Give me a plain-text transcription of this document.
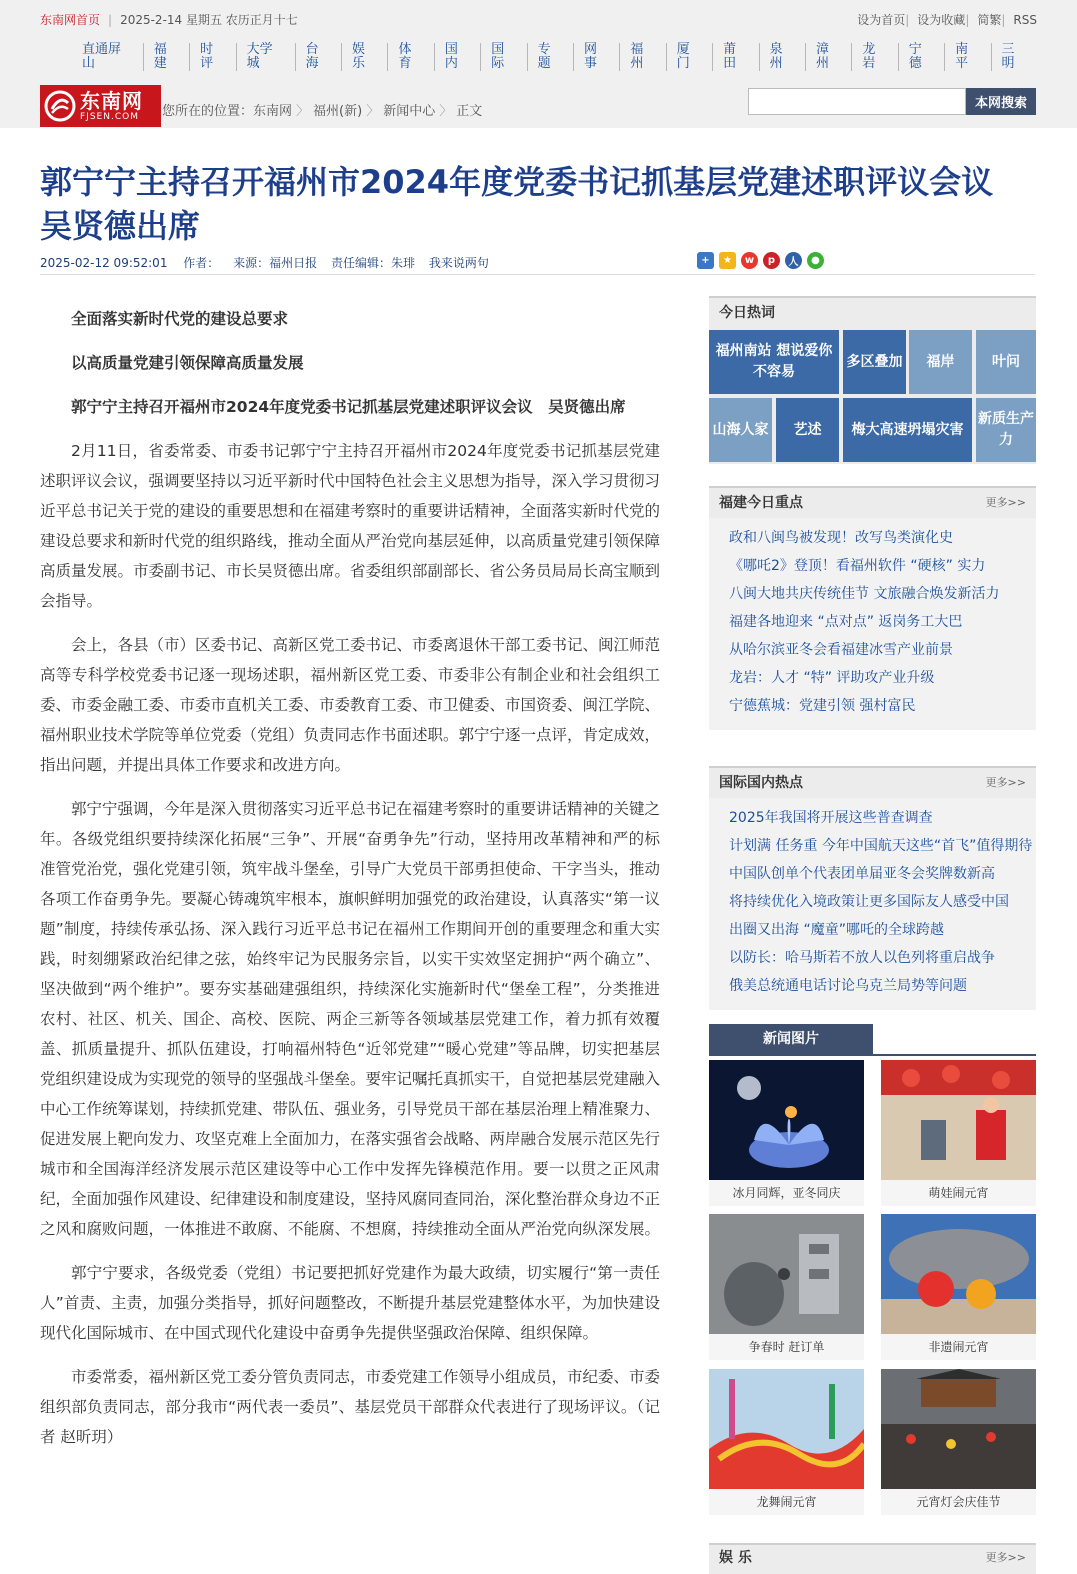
东南网首页 | 2025-2-14 星期五 农历正月十七	设为首页| 设为收藏| 简繁| RSS
直通屏山
福建
时评
大学城
台海
娱乐
体育
国内
国际
专题
网事
福州
厦门
莆田
泉州
漳州
龙岩
宁德
南平
三明
东南网
FJSEN.COM	您所在的位置：东南网 〉 福州(新) 〉 新闻中心 〉 正文
本网搜索
郭宁宁主持召开福州市2024年度党委书记抓基层党建述职评议会议 吴贤德出席
2025-02-12 09:52:01 作者： 来源：福州日报 责任编辑：朱琲 我来说两句	+	★	w	p	人	●

全面落实新时代党的建设总要求

以高质量党建引领保障高质量发展

郭宁宁主持召开福州市2024年度党委书记抓基层党建述职评议会议　吴贤德出席

2月11日，省委常委、市委书记郭宁宁主持召开福州市2024年度党委书记抓基层党建述职评议会议，强调要坚持以习近平新时代中国特色社会主义思想为指导，深入学习贯彻习近平总书记关于党的建设的重要思想和在福建考察时的重要讲话精神，全面落实新时代党的建设总要求和新时代党的组织路线，推动全面从严治党向基层延伸，以高质量党建引领保障高质量发展。市委副书记、市长吴贤德出席。省委组织部副部长、省公务员局局长高宝顺到会指导。

会上，各县（市）区委书记、高新区党工委书记、市委离退休干部工委书记、闽江师范高等专科学校党委书记逐一现场述职，福州新区党工委、市委非公有制企业和社会组织工委、市委金融工委、市委市直机关工委、市委教育工委、市卫健委、市国资委、闽江学院、福州职业技术学院等单位党委（党组）负责同志作书面述职。郭宁宁逐一点评，肯定成效，指出问题，并提出具体工作要求和改进方向。

郭宁宁强调，今年是深入贯彻落实习近平总书记在福建考察时的重要讲话精神的关键之年。各级党组织要持续深化拓展“三争”、开展“奋勇争先”行动，坚持用改革精神和严的标准管党治党，强化党建引领，筑牢战斗堡垒，引导广大党员干部勇担使命、干字当头，推动各项工作奋勇争先。要凝心铸魂筑牢根本，旗帜鲜明加强党的政治建设，认真落实“第一议题”制度，持续传承弘扬、深入践行习近平总书记在福州工作期间开创的重要理念和重大实践，时刻绷紧政治纪律之弦，始终牢记为民服务宗旨，以实干实效坚定拥护“两个确立”、坚决做到“两个维护”。要夯实基础建强组织，持续深化实施新时代“堡垒工程”，分类推进农村、社区、机关、国企、高校、医院、两企三新等各领域基层党建工作，着力抓有效覆盖、抓质量提升、抓队伍建设，打响福州特色“近邻党建”“暖心党建”等品牌，切实把基层党组织建设成为实现党的领导的坚强战斗堡垒。要牢记嘱托真抓实干，自觉把基层党建融入中心工作统筹谋划，持续抓党建、带队伍、强业务，引导党员干部在基层治理上精准聚力、促进发展上靶向发力、攻坚克难上全面加力，在落实强省会战略、两岸融合发展示范区先行城市和全国海洋经济发展示范区建设等中心工作中发挥先锋模范作用。要一以贯之正风肃纪，全面加强作风建设、纪律建设和制度建设，坚持风腐同查同治，深化整治群众身边不正之风和腐败问题，一体推进不敢腐、不能腐、不想腐，持续推动全面从严治党向纵深发展。

郭宁宁要求，各级党委（党组）书记要把抓好党建作为最大政绩，切实履行“第一责任人”首责、主责，加强分类指导，抓好问题整改，不断提升基层党建整体水平，为加快建设现代化国际城市、在中国式现代化建设中奋勇争先提供坚强政治保障、组织保障。

市委常委，福州新区党工委分管负责同志，市委党建工作领导小组成员，市纪委、市委组织部负责同志，部分我市“两代表一委员”、基层党员干部群众代表进行了现场评议。（记者 赵昕玥）

今日热词
福州南站 想说爱你不容易
多区叠加	福岸	叶问
山海人家	艺述	梅大高速坍塌灾害
新质生产力
福建今日重点	更多>>
政和八闽鸟被发现！改写鸟类演化史
《哪吒2》登顶！看福州软件 “硬核” 实力
八闽大地共庆传统佳节 文旅融合焕发新活力
福建各地迎来 “点对点” 返岗务工大巴
从哈尔滨亚冬会看福建冰雪产业前景
龙岩：人才 “特” 评助攻产业升级
宁德蕉城：党建引领 强村富民
国际国内热点	更多>>
2025年我国将开展这些普查调查
计划满 任务重 今年中国航天这些“首飞”值得期待
中国队创单个代表团单届亚冬会奖牌数新高
将持续优化入境政策让更多国际友人感受中国
出圈又出海 “魔童”哪吒的全球跨越
以防长：哈马斯若不放人以色列将重启战争
俄美总统通电话讨论乌克兰局势等问题
新闻图片
冰月同辉，亚冬同庆	萌娃闹元宵
争春时 赶订单	非遗闹元宵
龙舞闹元宵	元宵灯会庆佳节
娱 乐	更多>>
